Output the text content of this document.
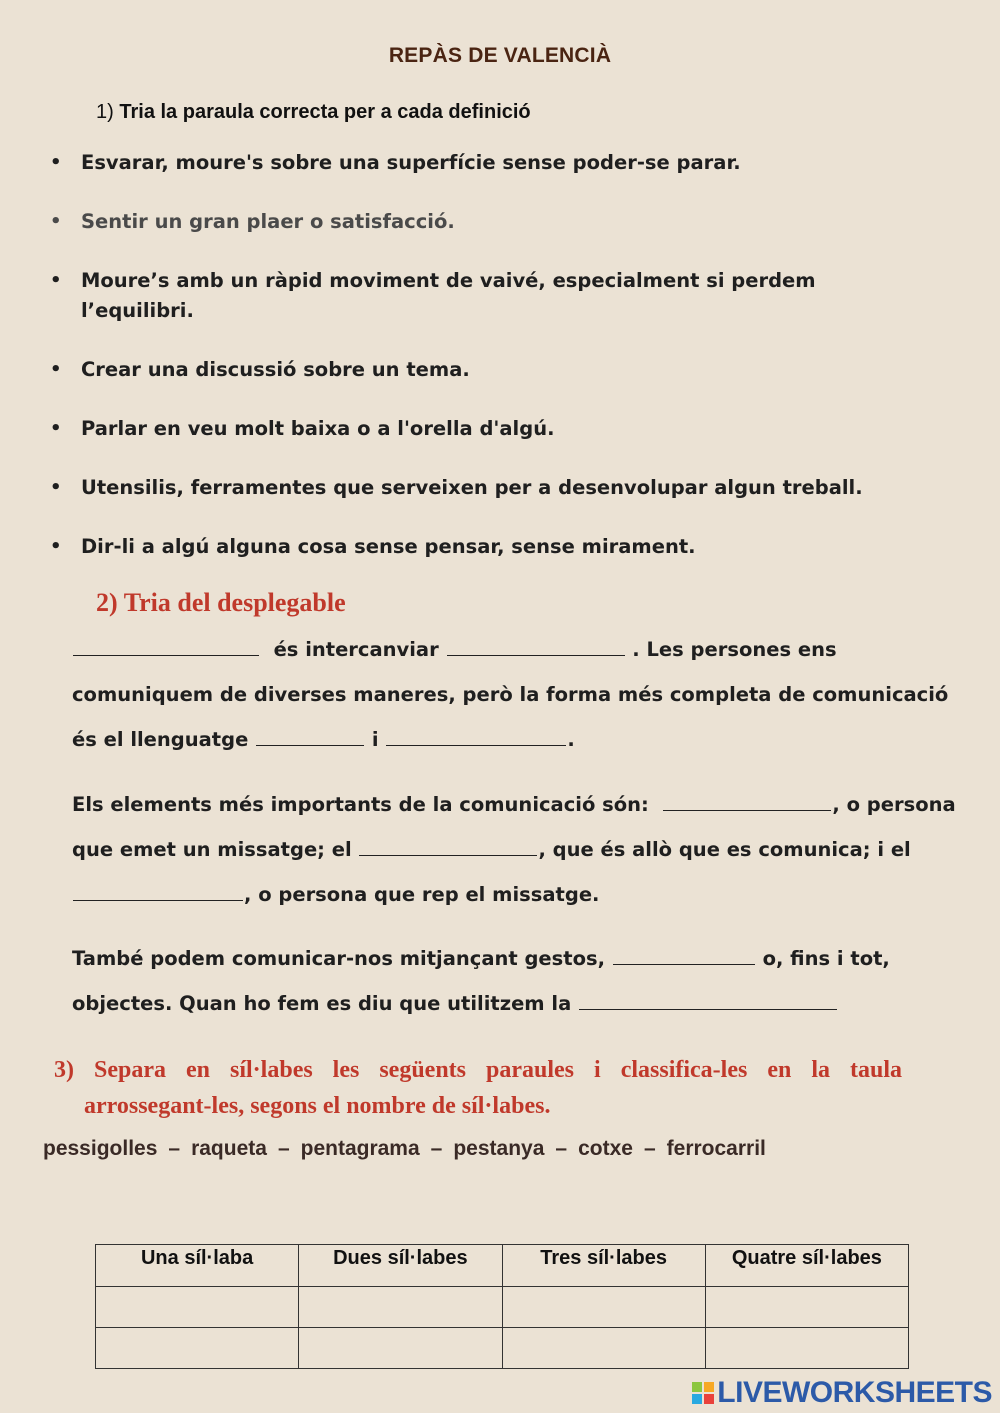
REPÀS DE VALENCIÀ
1) Tria la paraula correcta per a cada definició
• Esvarar, moure's sobre una superfície sense poder-se parar.
• Sentir un gran plaer o satisfacció.
• Moure’s amb un ràpid moviment de vaivé, especialment si perdem
l’equilibri.
• Crear una discussió sobre un tema.
• Parlar en veu molt baixa o a l'orella d'algú.
• Utensilis, ferramentes que serveixen per a desenvolupar algun treball.
• Dir-li a algú alguna cosa sense pensar, sense mirament.
2) Tria del desplegable
és intercanviar	. Les persones ens
comuniquem de diverses maneres, però la forma més completa de comunicació
és el llenguatge	i	.
Els elements més importants de la comunicació són:	, o persona
que emet un missatge; el	, que és allò que es comunica; i el
, o persona que rep el missatge.
També podem comunicar-nos mitjançant gestos,	o, fins i tot,
objectes. Quan ho fem es diu que utilitzem la
3) Separa en síl·labes les següents paraules i classifica-les en la taula
arrossegant-les, segons el nombre de síl·labes.
pessigolles – raqueta – pentagrama – pestanya – cotxe – ferrocarril
Una síl·laba	Dues síl·labes	Tres síl·labes	Quatre síl·labes

LIVEWORKSHEETS
